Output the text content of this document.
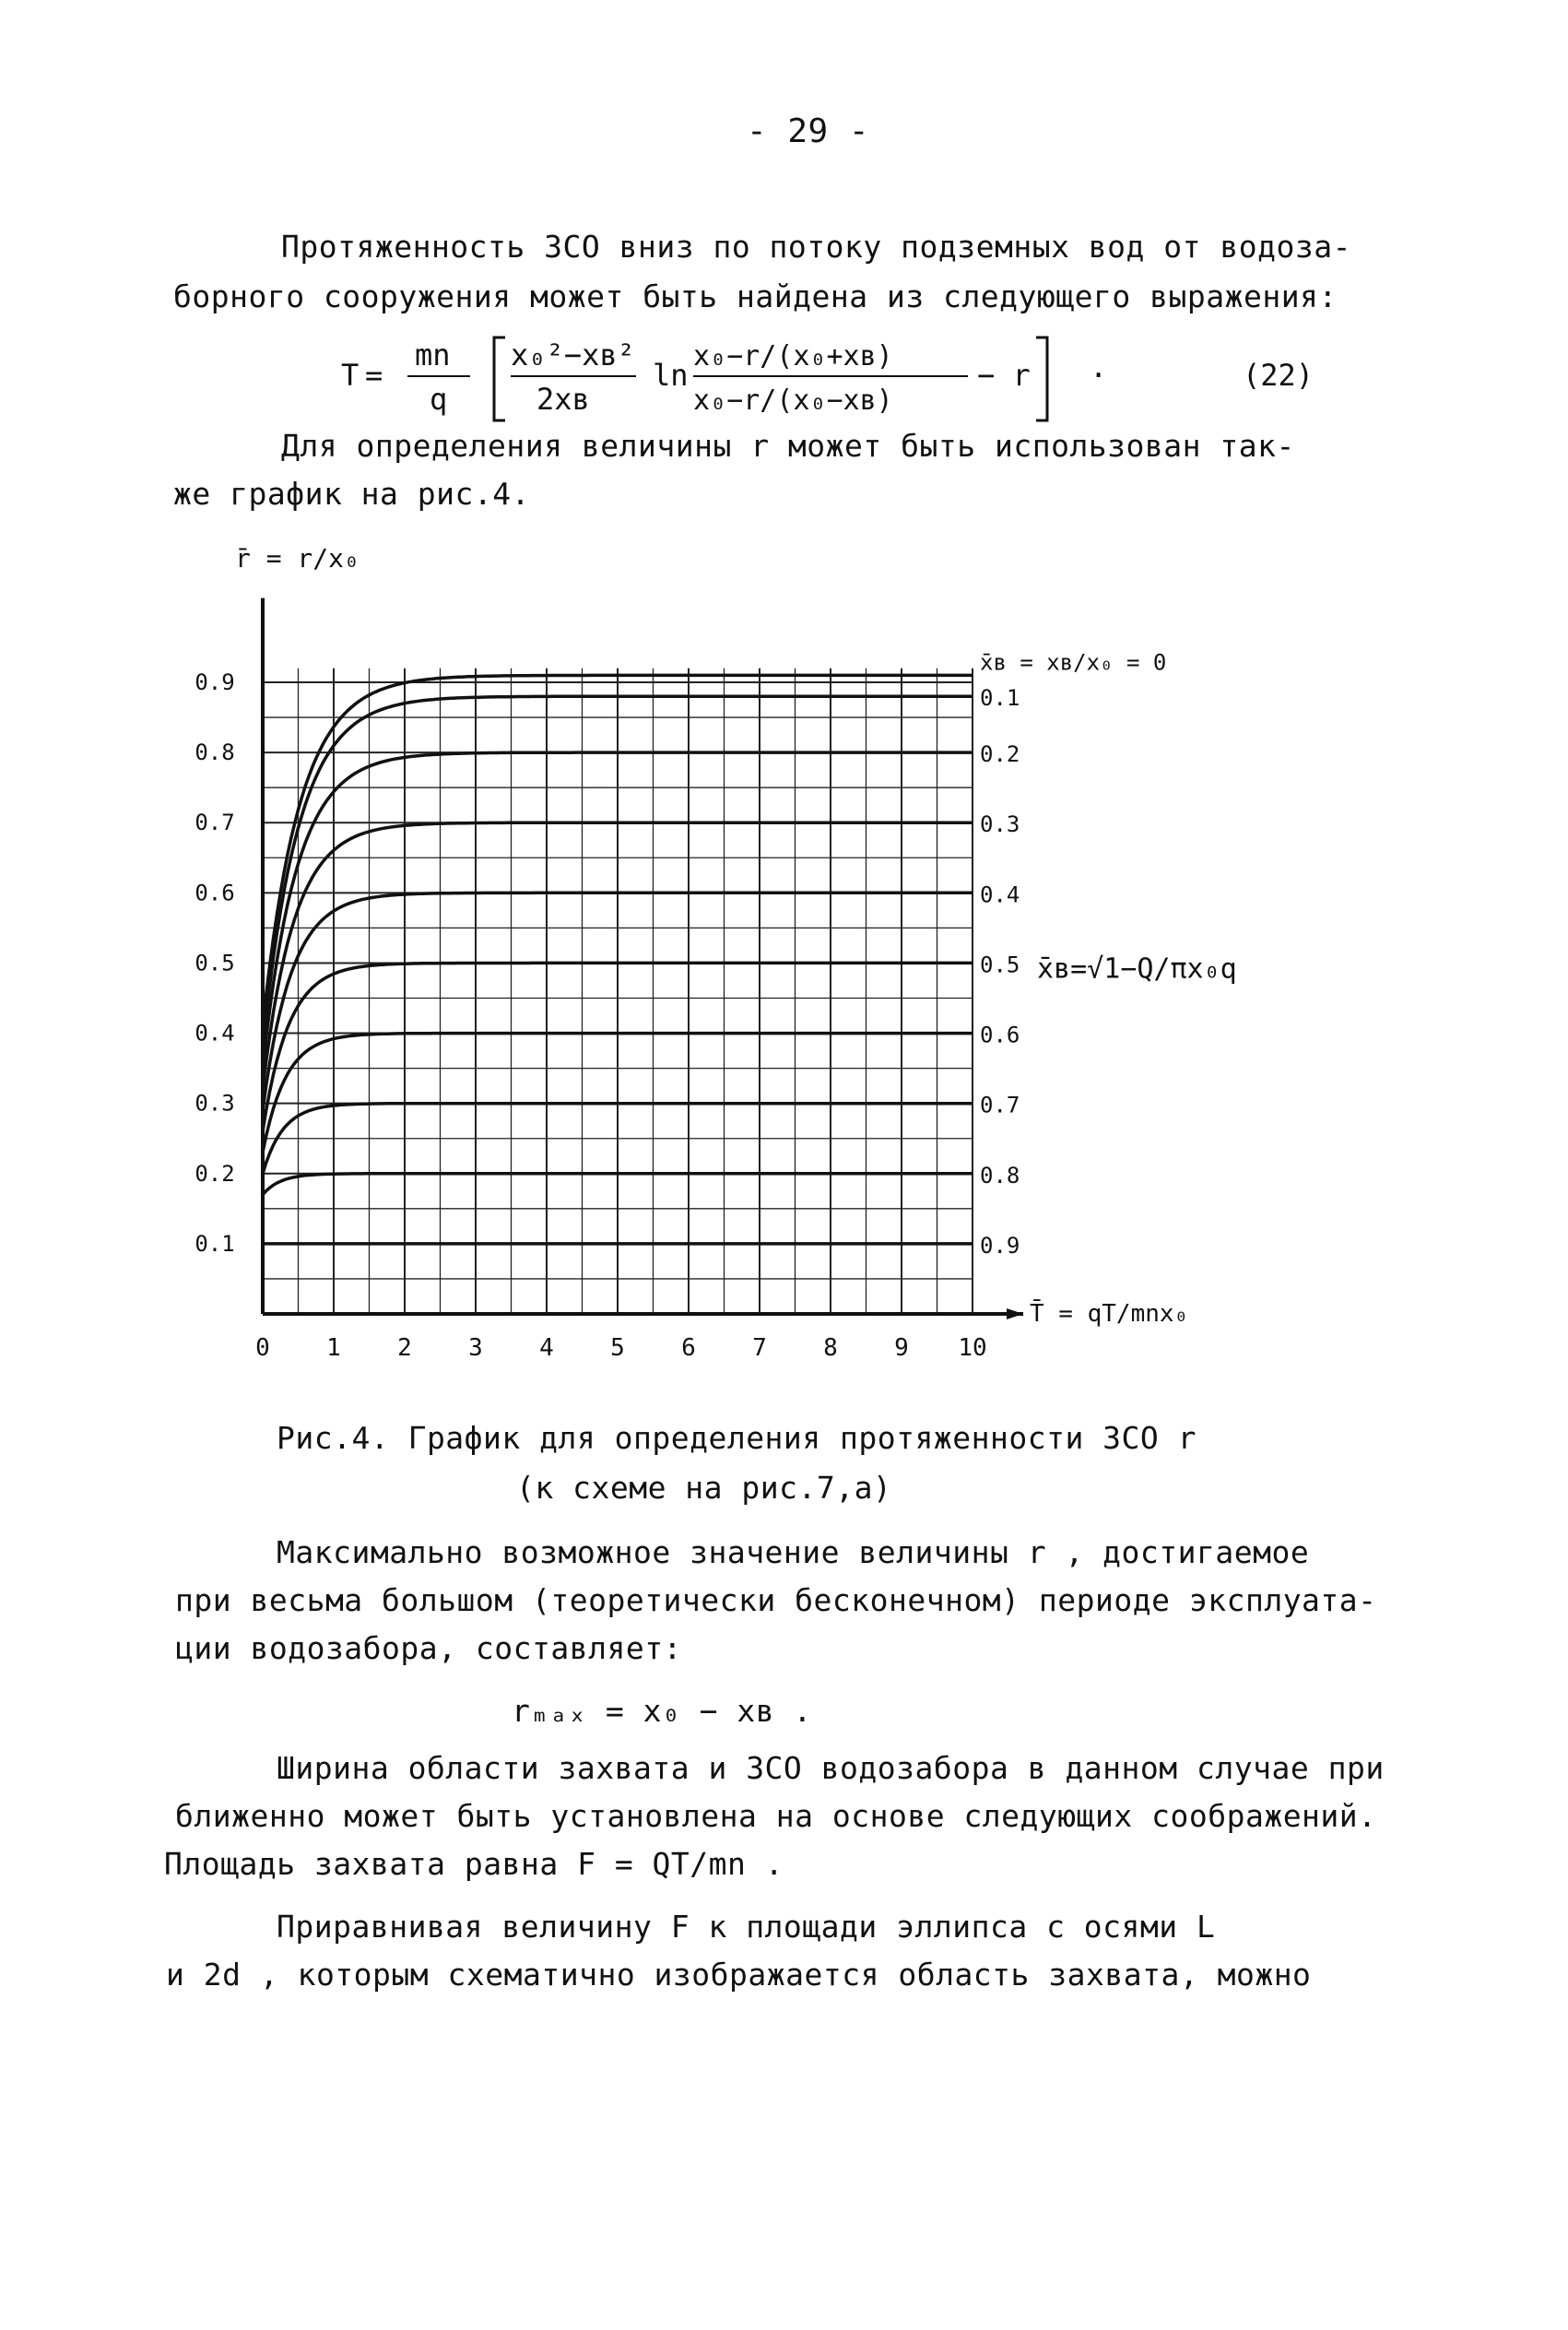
- 29 -
Протяженность ЗСО вниз по потоку подземных вод от водоза-
борного сооружения может быть найдена из следующего выражения:
T =
mn
q
x₀²−xв²
2xв
ln
x₀−r/(x₀+xв)
x₀−r/(x₀−xв)
− r ·	(22)
Для определения величины r может быть использован так-
же график на рис.4.
0.9
0.8
0.7
0.6
0.5
0.4
0.3
0.2
0.1
0 1 2 3 4 5 6 7 8 9 10
r̄ = r/x₀
T̄ = qT/mnx₀
x̄в = xв/x₀ = 0
0.1
0.2
0.3
0.4
0.5
0.6
0.7
0.8
0.9
x̄в=√1−Q/πx₀q
Рис.4. График для определения протяженности ЗСО r
(к схеме на рис.7,а)
Максимально возможное значение величины r , достигаемое
при весьма большом (теоретически бесконечном) периоде эксплуата-
ции водозабора, составляет:
rₘₐₓ = x₀ − xв .
Ширина области захвата и ЗСО водозабора в данном случае при
ближенно может быть установлена на основе следующих соображений.
Площадь захвата равна F = QT/mn .
Приравнивая величину F к площади эллипса с осями L
и 2d , которым схематично изображается область захвата, можно
